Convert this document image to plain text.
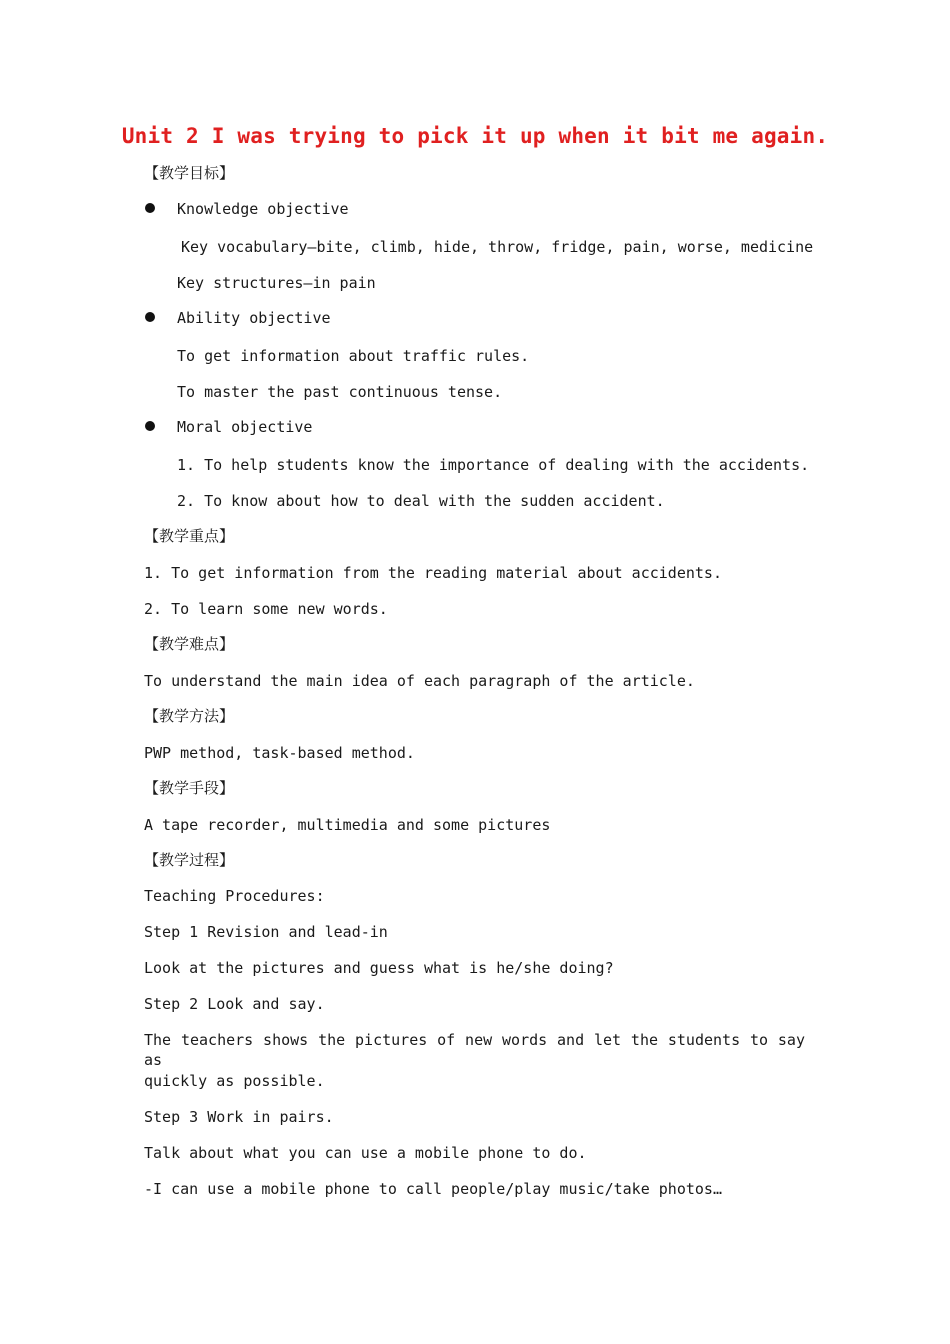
Unit 2 I was trying to pick it up when it bit me again.
【教学目标】
Knowledge objective
Key vocabulary—bite, climb, hide, throw, fridge, pain, worse, medicine
Key structures—in pain
Ability objective
To get information about traffic rules.
To master the past continuous tense.
Moral objective
1. To help students know the importance of dealing with the accidents.
2. To know about how to deal with the sudden accident.
【教学重点】
1. To get information from the reading material about accidents.
2. To learn some new words.
【教学难点】
To understand the main idea of each paragraph of the article.
【教学方法】
PWP method, task-based method.
【教学手段】
A tape recorder, multimedia and some pictures
【教学过程】
Teaching Procedures:
Step 1 Revision and lead-in
Look at the pictures and guess what is he/she doing?
Step 2 Look and say.
The teachers shows the pictures of new words and let the students to say as
quickly as possible.
Step 3 Work in pairs.
Talk about what you can use a mobile phone to do.
-I can use a mobile phone to call people/play music/take photos…
